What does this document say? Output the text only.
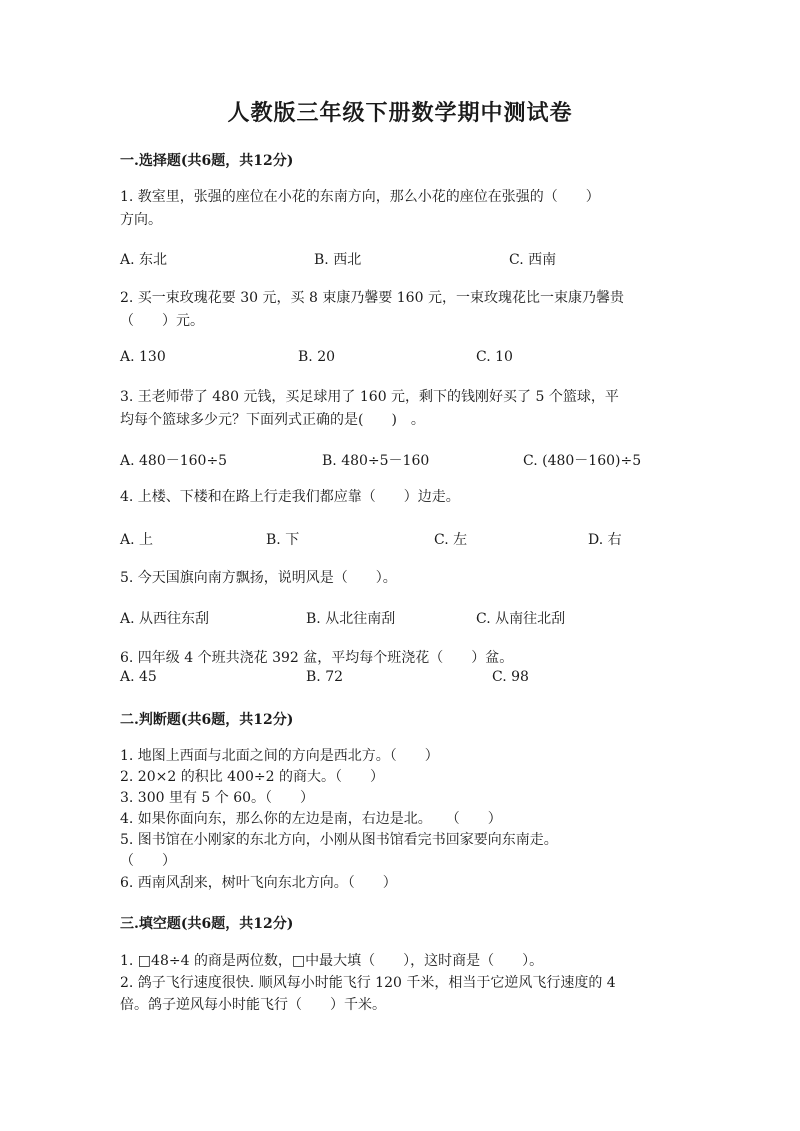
人教版三年级下册数学期中测试卷
一.选择题(共6题，共12分)
1. 教室里，张强的座位在小花的东南方向，那么小花的座位在张强的（　　）
方向。
A. 东北	B. 西北	C. 西南
2. 买一束玫瑰花要 30 元，买 8 束康乃馨要 160 元，一束玫瑰花比一束康乃馨贵
（　　）元。
A. 130	B. 20	C. 10
3. 王老师带了 480 元钱，买足球用了 160 元，剩下的钱刚好买了 5 个篮球，平
均每个篮球多少元？下面列式正确的是(　　)　。
A. 480－160÷5	B. 480÷5－160	C. (480－160)÷5
4. 上楼、下楼和在路上行走我们都应靠（　　）边走。
A. 上	B. 下	C. 左	D. 右
5. 今天国旗向南方飘扬，说明风是（　　）。
A. 从西往东刮	B. 从北往南刮	C. 从南往北刮
6. 四年级 4 个班共浇花 392 盆，平均每个班浇花（　　）盆。
A. 45	B. 72	C. 98
二.判断题(共6题，共12分)
1. 地图上西面与北面之间的方向是西北方。（　　）
2. 20×2 的积比 400÷2 的商大。（　　）
3. 300 里有 5 个 60。（　　）
4. 如果你面向东，那么你的左边是南，右边是北。　　（　　）
5. 图书馆在小刚家的东北方向，小刚从图书馆看完书回家要向东南走。
（　　）
6. 西南风刮来，树叶飞向东北方向。（　　）
三.填空题(共6题，共12分)
1. □48÷4 的商是两位数，□中最大填（　　），这时商是（　　）。
2. 鸽子飞行速度很快. 顺风每小时能飞行 120 千米，相当于它逆风飞行速度的 4
倍。鸽子逆风每小时能飞行（　　）千米。
